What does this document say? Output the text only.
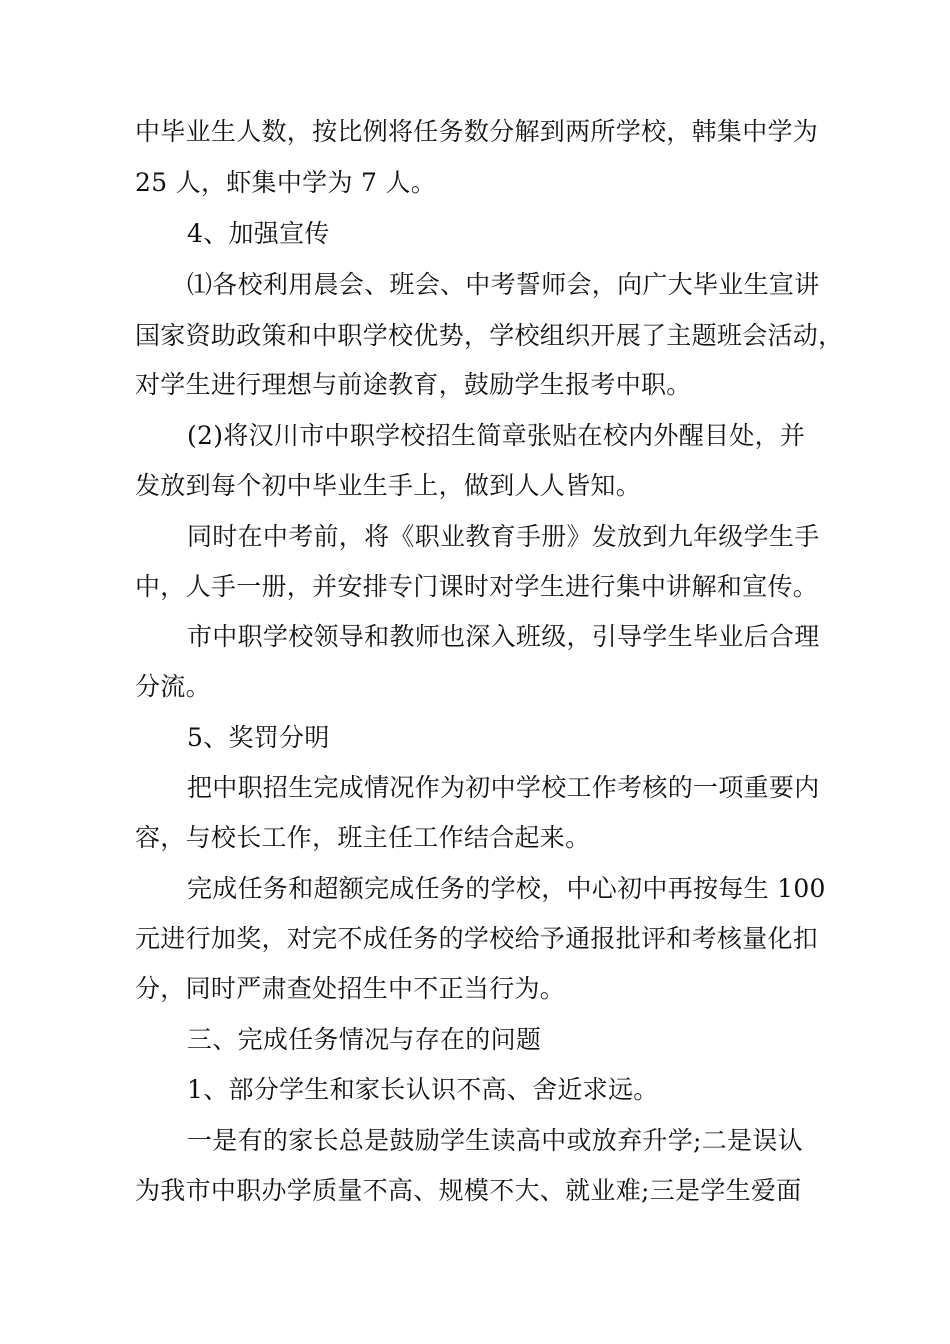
中毕业生人数，按比例将任务数分解到两所学校，韩集中学为
25 人，虾集中学为 7 人。
4、加强宣传
⑴各校利用晨会、班会、中考誓师会，向广大毕业生宣讲
国家资助政策和中职学校优势，学校组织开展了主题班会活动，
对学生进行理想与前途教育，鼓励学生报考中职。
(2)将汉川市中职学校招生简章张贴在校内外醒目处，并
发放到每个初中毕业生手上，做到人人皆知。
同时在中考前，将《职业教育手册》发放到九年级学生手
中，人手一册，并安排专门课时对学生进行集中讲解和宣传。
市中职学校领导和教师也深入班级，引导学生毕业后合理
分流。
5、奖罚分明
把中职招生完成情况作为初中学校工作考核的一项重要内
容，与校长工作，班主任工作结合起来。
完成任务和超额完成任务的学校，中心初中再按每生 100
元进行加奖，对完不成任务的学校给予通报批评和考核量化扣
分，同时严肃查处招生中不正当行为。
三、完成任务情况与存在的问题
1、部分学生和家长认识不高、舍近求远。
一是有的家长总是鼓励学生读高中或放弃升学;二是误认
为我市中职办学质量不高、规模不大、就业难;三是学生爱面
